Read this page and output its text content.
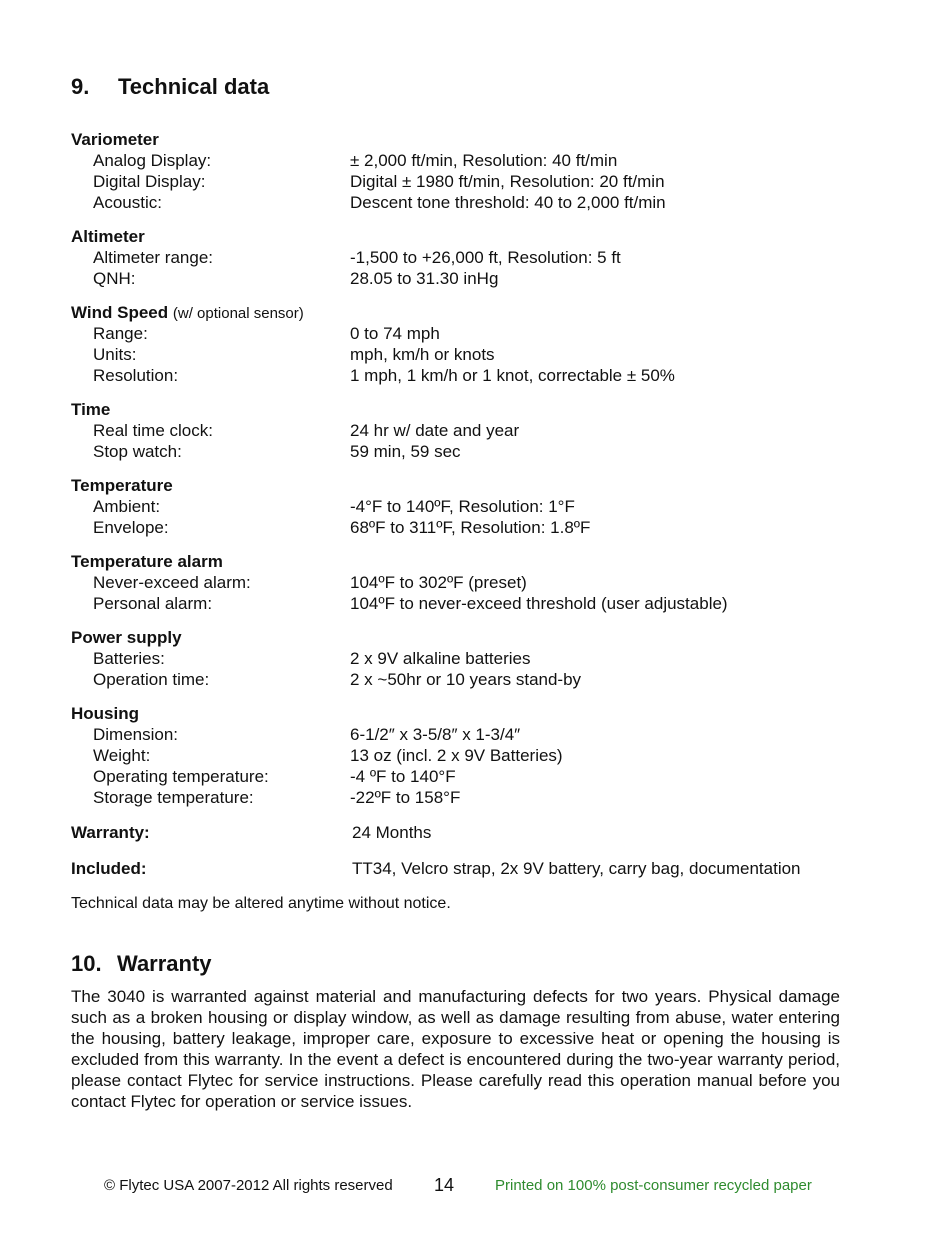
9. Technical data
Variometer
Analog Display:	± 2,000 ft/min, Resolution: 40 ft/min
Digital Display:	Digital ± 1980 ft/min, Resolution: 20 ft/min
Acoustic:	Descent tone threshold: 40 to 2,000 ft/min
Altimeter
Altimeter range:	-1,500 to +26,000 ft, Resolution: 5 ft
QNH:	28.05 to 31.30 inHg
Wind Speed (w/ optional sensor)
Range:	0 to 74 mph
Units:	mph, km/h or knots
Resolution:	1 mph, 1 km/h or 1 knot, correctable ± 50%
Time
Real time clock:	24 hr w/ date and year
Stop watch:	59 min, 59 sec
Temperature
Ambient:	-4°F to 140ºF, Resolution: 1°F
Envelope:	68ºF to 311ºF, Resolution: 1.8ºF
Temperature alarm
Never-exceed alarm:	104ºF to 302ºF (preset)
Personal alarm:	104ºF to never-exceed threshold (user adjustable)
Power supply
Batteries:	2 x 9V alkaline batteries
Operation time:	2 x ~50hr or 10 years stand-by
Housing
Dimension:	6-1/2″ x 3-5/8″ x 1-3/4″
Weight:	13 oz (incl. 2 x 9V Batteries)
Operating temperature:	-4 ºF to 140°F
Storage temperature:	-22ºF to 158°F
Warranty:	24 Months
Included:	TT34, Velcro strap, 2x 9V battery, carry bag, documentation
Technical data may be altered anytime without notice.
10. Warranty

The 3040 is warranted against material and manufacturing defects for two years. Physical damage such as a broken housing or display window, as well as damage resulting from abuse, water entering the housing, battery leakage, improper care, exposure to excessive heat or opening the housing is excluded from this warranty. In the event a defect is encountered during the two-year warranty period, please contact Flytec for service instructions. Please carefully read this operation manual before you contact Flytec for operation or service issues.

© Flytec USA 2007-2012 All rights reserved 14	Printed on 100% post-consumer recycled paper
